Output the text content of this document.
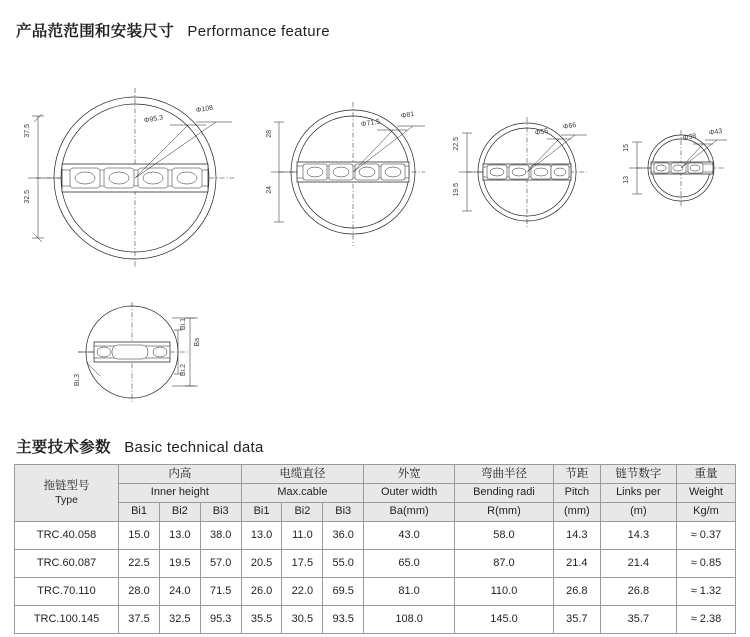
产品范范围和安装尺寸 Performance feature
主要技术参数 Basic technical data
37.5
32.5
Φ95.3
Φ108
28
24
Φ71.5
Φ81
22.5
19.5
Φ55
Φ66
15
13
Φ38
Φ43
Bi.1
Bi.2
Ba
Bi.3
拖链型号
Type	内高			电缆直径			外宽	弯曲半径	节距	链节数字	重量
	Inner height			Max.cable			Outer width	Bending radi	Pitch	Links per	Weight
	Bi1	Bi2	Bi3	Bi1	Bi2	Bi3	Ba(mm)	R(mm)	(mm)	(m)	Kg/m
TRC.40.058	15.0	13.0	38.0	13.0	11.0	36.0	43.0	58.0	14.3	14.3	≈ 0.37
TRC.60.087	22.5	19.5	57.0	20.5	17.5	55.0	65.0	87.0	21.4	21.4	≈ 0.85
TRC.70.110	28.0	24.0	71.5	26.0	22.0	69.5	81.0	110.0	26.8	26.8	≈ 1.32
TRC.100.145	37.5	32.5	95.3	35.5	30.5	93.5	108.0	145.0	35.7	35.7	≈ 2.38
